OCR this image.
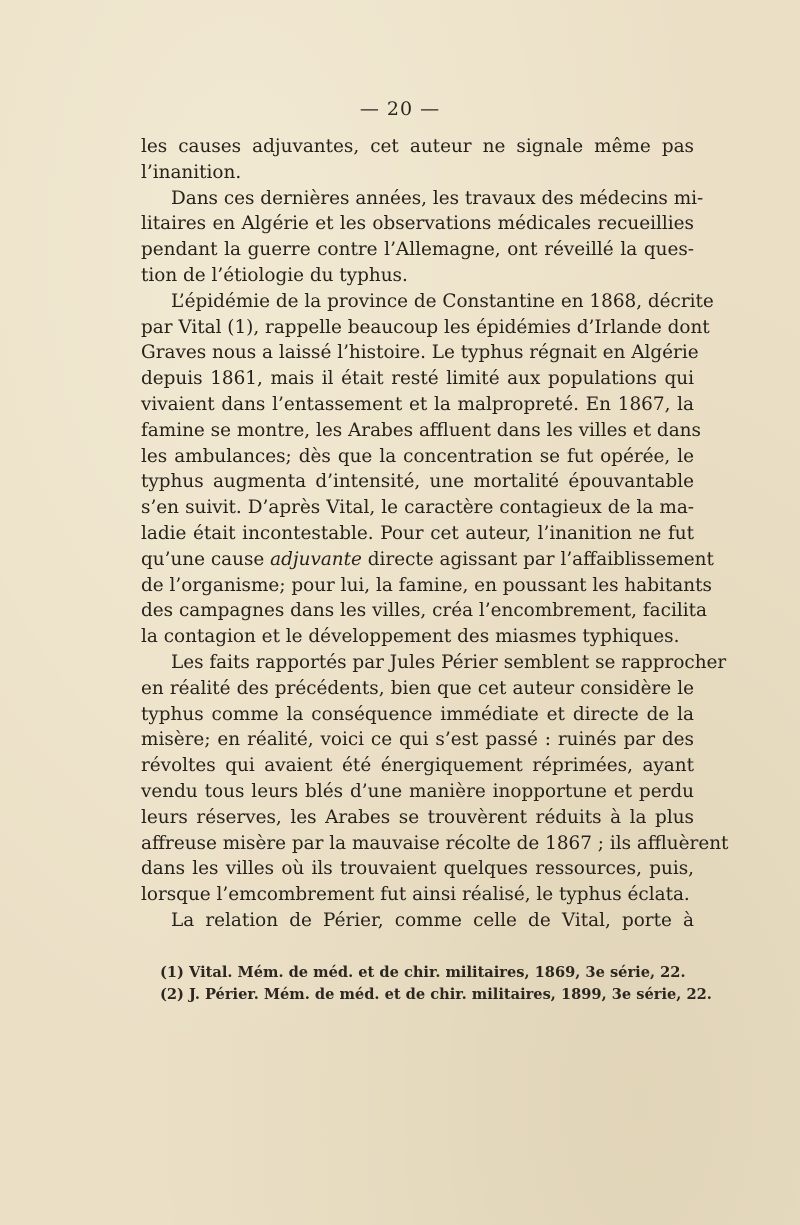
— 20 —
les causes adjuvantes, cet auteur ne signale même pas
l’inanition.
Dans ces dernières années, les travaux des médecins mi-
litaires en Algérie et les observations médicales recueillies
pendant la guerre contre l’Allemagne, ont réveillé la ques-
tion de l’étiologie du typhus.
L’épidémie de la province de Constantine en 1868, décrite
par Vital (1), rappelle beaucoup les épidémies d’Irlande dont
Graves nous a laissé l’histoire. Le typhus régnait en Algérie
depuis 1861, mais il était resté limité aux populations qui
vivaient dans l’entassement et la malpropreté. En 1867, la
famine se montre, les Arabes affluent dans les villes et dans
les ambulances; dès que la concentration se fut opérée, le
typhus augmenta d’intensité, une mortalité épouvantable
s’en suivit. D’après Vital, le caractère contagieux de la ma-
ladie était incontestable. Pour cet auteur, l’inanition ne fut
qu’une cause adjuvante directe agissant par l’affaiblissement
de l’organisme; pour lui, la famine, en poussant les habitants
des campagnes dans les villes, créa l’encombrement, facilita
la contagion et le développement des miasmes typhiques.
Les faits rapportés par Jules Périer semblent se rapprocher
en réalité des précédents, bien que cet auteur considère le
typhus comme la conséquence immédiate et directe de la
misère; en réalité, voici ce qui s’est passé : ruinés par des
révoltes qui avaient été énergiquement réprimées, ayant
vendu tous leurs blés d’une manière inopportune et perdu
leurs réserves, les Arabes se trouvèrent réduits à la plus
affreuse misère par la mauvaise récolte de 1867 ; ils affluèrent
dans les villes où ils trouvaient quelques ressources, puis,
lorsque l’emcombrement fut ainsi réalisé, le typhus éclata.
La relation de Périer, comme celle de Vital, porte à
(1) Vital. Mém. de méd. et de chir. militaires, 1869, 3e série, 22.
(2) J. Périer. Mém. de méd. et de chir. militaires, 1899, 3e série, 22.
